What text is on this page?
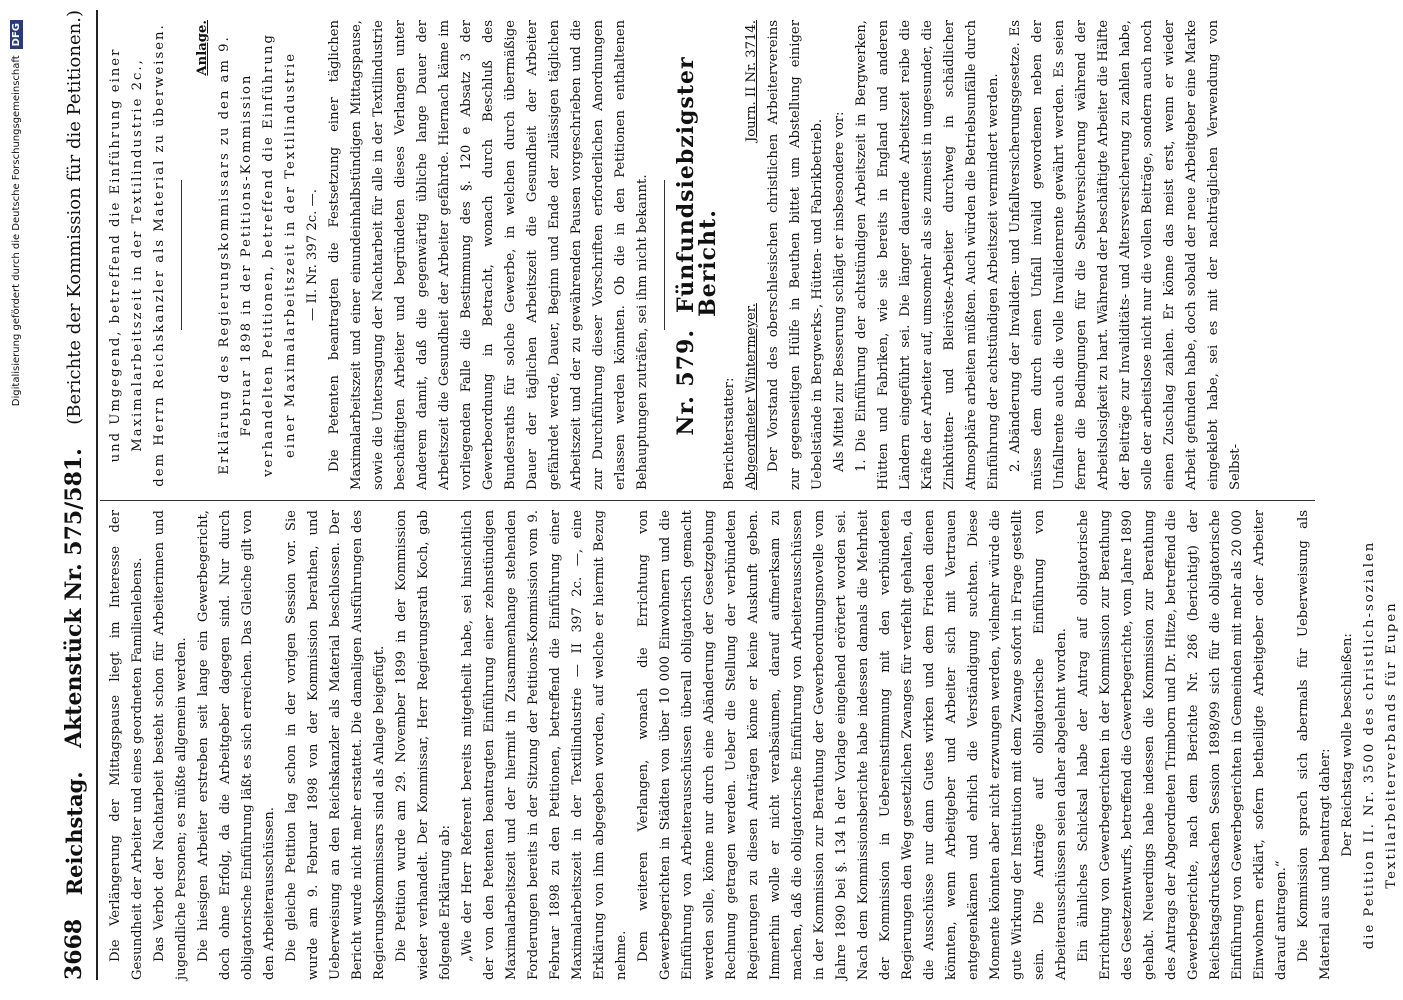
3668
Reichstag.
Aktenstück Nr. 575/581.
(Berichte der Kommission für die Petitionen.)

Die Verlängerung der Mittagspause liegt im Interesse der Gesundheit der Arbeiter und eines geordneten Familienlebens. Das Verbot der Nachtarbeit besteht schon für Arbeiterinnen und jugendliche Personen; es müßte allgemein werden. Die hiesigen Arbeiter erstreben seit lange ein Gewerbegericht, doch ohne Erfolg, da die Arbeitgeber dagegen sind. Nur durch obligatorische Einführung läßt es sich erreichen. Das Gleiche gilt von den Arbeiterausschüssen. Die gleiche Petition lag schon in der vorigen Session vor. Sie wurde am 9. Februar 1898 von der Kommission berathen, und Ueberweisung an den Reichskanzler als Material beschlossen. Der Bericht wurde nicht mehr erstattet. Die damaligen Ausführungen des Regierungskommissars sind als Anlage beigefügt. Die Petition wurde am 29. November 1899 in der Kommission wieder verhandelt. Der Kommissar, Herr Regierungsrath Koch, gab folgende Erklärung ab: „Wie der Herr Referent bereits mitgetheilt habe, sei hinsichtlich der von den Petenten beantragten Einführung einer zehnstündigen Maximalarbeitszeit und der hiermit in Zusammenhange stehenden Forderungen bereits in der Sitzung der Petitions-Kommission vom 9. Februar 1898 zu den Petitionen, betreffend die Einführung einer Maximalarbeitszeit in der Textilindustrie — II 397 2c. —, eine Erklärung von ihm abgegeben worden, auf welche er hiermit Bezug nehme. Dem weiteren Verlangen, wonach die Errichtung von Gewerbegerichten in Städten von über 10 000 Einwohnern und die Einführung von Arbeiterausschüssen überall obligatorisch gemacht werden solle, könne nur durch eine Abänderung der Gesetzgebung Rechnung getragen werden. Ueber die Stellung der verbündeten Regierungen zu diesen Anträgen könne er keine Auskunft geben. Immerhin wolle er nicht verabsäumen, darauf aufmerksam zu machen, daß die obligatorische Einführung von Arbeiterausschüssen in der Kommission zur Berathung der Gewerbeordnungsnovelle vom Jahre 1890 bei §. 134 h der Vorlage eingehend erörtert worden sei. Nach dem Kommissionsberichte habe indessen damals die Mehrheit der Kommission in Uebereinstimmung mit den verbündeten Regierungen den Weg gesetzlichen Zwanges für verfehlt gehalten, da die Ausschüsse nur dann Gutes wirken und dem Frieden dienen könnten, wenn Arbeitgeber und Arbeiter sich mit Vertrauen entgegenkämen und ehrlich die Verständigung suchten. Diese Momente könnten aber nicht erzwungen werden, vielmehr würde die gute Wirkung der Institution mit dem Zwange sofort in Frage gestellt sein. Die Anträge auf obligatorische Einführung von Arbeiterausschüssen seien daher abgelehnt worden. Ein ähnliches Schicksal habe der Antrag auf obligatorische Errichtung von Gewerbegerichten in der Kommission zur Berathung des Gesetzentwurfs, betreffend die Gewerbegerichte, vom Jahre 1890 gehabt. Neuerdings habe indessen die Kommission zur Berathung des Antrags der Abgeordneten Trimborn und Dr. Hitze, betreffend die Gewerbegerichte, nach dem Berichte Nr. 286 (berichtigt) der Reichstagsdrucksachen Session 1898/99 sich für die obligatorische Einführung von Gewerbegerichten in Gemeinden mit mehr als 20 000 Einwohnern erklärt, sofern betheiligte Arbeitgeber oder Arbeiter darauf antragen.“ Die Kommission sprach sich abermals für Ueberweisung als Material aus und beantragt daher:

Der Reichstag wolle beschließen: die Petition II. Nr. 3500 des christlich-sozialen Textilarbeiterverbands für Eupen

und Umgegend, betreffend die Einführung einer Maximalarbeitszeit in der Textilindustrie 2c., dem Herrn Reichskanzler als Material zu überweisen.	Anlage. Erklärung des Regierungskommissars zu den am 9. Februar 1898 in der Petitions-Kommission verhandelten Petitionen, betreffend die Einführung einer Maximalarbeitszeit in der Textilindustrie — II. Nr. 397 2c. —. Die Petenten beantragten die Festsetzung einer täglichen Maximalarbeitszeit und einer einundeinhalbstündigen Mittagspause, sowie die Untersagung der Nachtarbeit für alle in der Textilindustrie beschäftigten Arbeiter und begründeten dieses Verlangen unter Anderem damit, daß die gegenwärtig übliche lange Dauer der Arbeitszeit die Gesundheit der Arbeiter gefährde. Hiernach käme im vorliegenden Falle die Bestimmung des §. 120 e Absatz 3 der Gewerbeordnung in Betracht, wonach durch Beschluß des Bundesraths für solche Gewerbe, in welchen durch übermäßige Dauer der täglichen Arbeitszeit die Gesundheit der Arbeiter gefährdet werde, Dauer, Beginn und Ende der zulässigen täglichen Arbeitszeit und der zu gewährenden Pausen vorgeschrieben und die zur Durchführung dieser Vorschriften erforderlichen Anordnungen erlassen werden könnten. Ob die in den Petitionen enthaltenen Behauptungen zuträfen, sei ihm nicht bekannt. Nr. 579.Fünfundsiebzigster Bericht.

Berichterstatter: Abgeordneter Wintermeyer.
Journ. II Nr. 3714. Der Vorstand des oberschlesischen christlichen Arbeitervereins zur gegenseitigen Hülfe in Beuthen bittet um Abstellung einiger Uebelstände in Bergwerks-, Hütten- und Fabrikbetrieb. Als Mittel zur Besserung schlägt er insbesondere vor: 1. Die Einführung der achtstündigen Arbeitszeit in Bergwerken, Hütten und Fabriken, wie sie bereits in England und anderen Ländern eingeführt sei. Die länger dauernde Arbeitszeit reibe die Kräfte der Arbeiter auf, umsomehr als sie zumeist in ungesunder, die Zinkhütten- und Bleiröste-Arbeiter durchweg in schädlicher Atmosphäre arbeiten müßten. Auch würden die Betriebsunfälle durch Einführung der achtstündigen Arbeitszeit vermindert werden. 2. Abänderung der Invaliden- und Unfallversicherungsgesetze. Es müsse dem durch einen Unfall invalid gewordenen neben der Unfallrente auch die volle Invalidenrente gewährt werden. Es seien ferner die Bedingungen für die Selbstversicherung während der Arbeitslosigkeit zu hart. Während der beschäftigte Arbeiter die Hälfte der Beiträge zur Invaliditäts- und Altersversicherung zu zahlen habe, solle der arbeitslose nicht nur die vollen Beiträge, sondern auch noch einen Zuschlag zahlen. Er könne das meist erst, wenn er wieder Arbeit gefunden habe, doch sobald der neue Arbeitgeber eine Marke eingeklebt habe, sei es mit der nachträglichen Verwendung von Selbst-

Digitalisierung gefördert durch die Deutsche Forschungsgemeinschaft
DFG
